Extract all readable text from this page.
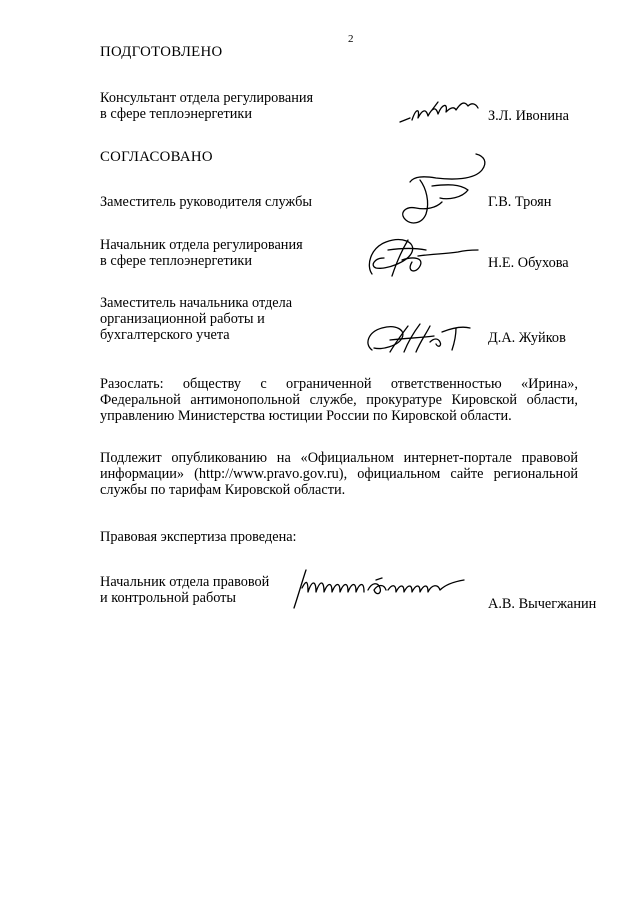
2
ПОДГОТОВЛЕНО
Консультант отдела регулирования
в сфере теплоэнергетики	З.Л. Ивонина
СОГЛАСОВАНО
Заместитель руководителя службы	Г.В. Троян
Начальник отдела регулирования
в сфере теплоэнергетики	Н.Е. Обухова
Заместитель начальника отдела
организационной работы и
бухгалтерского учета	Д.А. Жуйков
Разослать: обществу с ограниченной ответственностью «Ирина»,
Федеральной антимонопольной службе, прокуратуре Кировской области,
управлению Министерства юстиции России по Кировской области.
Подлежит опубликованию на «Официальном интернет-портале правовой
информации» (http://www.pravo.gov.ru), официальном сайте региональной
службы по тарифам Кировской области.
Правовая экспертиза проведена:
Начальник отдела правовой
и контрольной работы	А.В. Вычегжанин
